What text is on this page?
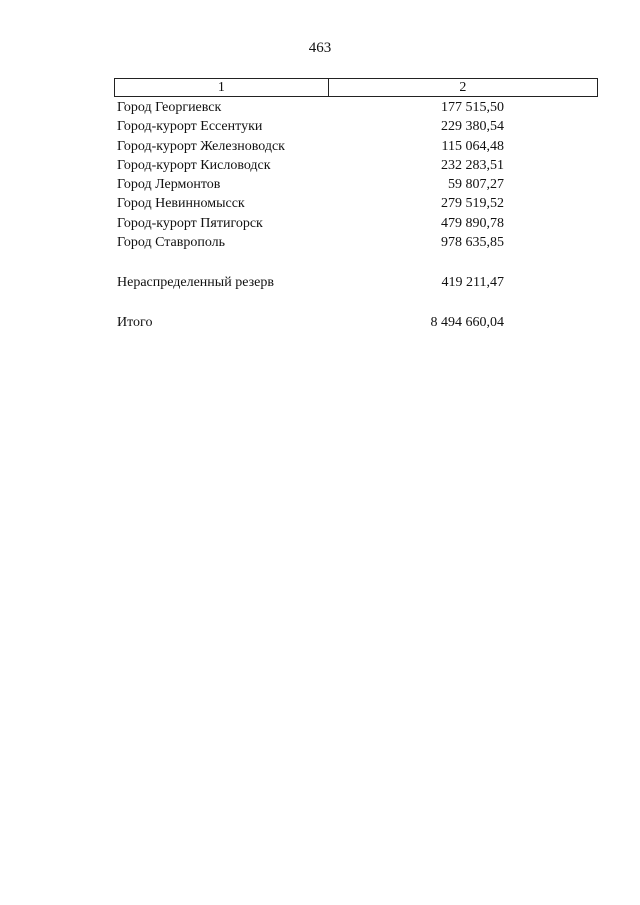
463
1	2
Город Георгиевск	177 515,50
Город-курорт Ессентуки	229 380,54
Город-курорт Железноводск	115 064,48
Город-курорт Кисловодск	232 283,51
Город Лермонтов	59 807,27
Город Невинномысск	279 519,52
Город-курорт Пятигорск	479 890,78
Город Ставрополь	978 635,85
Нераспределенный резерв	419 211,47
Итого	8 494 660,04
